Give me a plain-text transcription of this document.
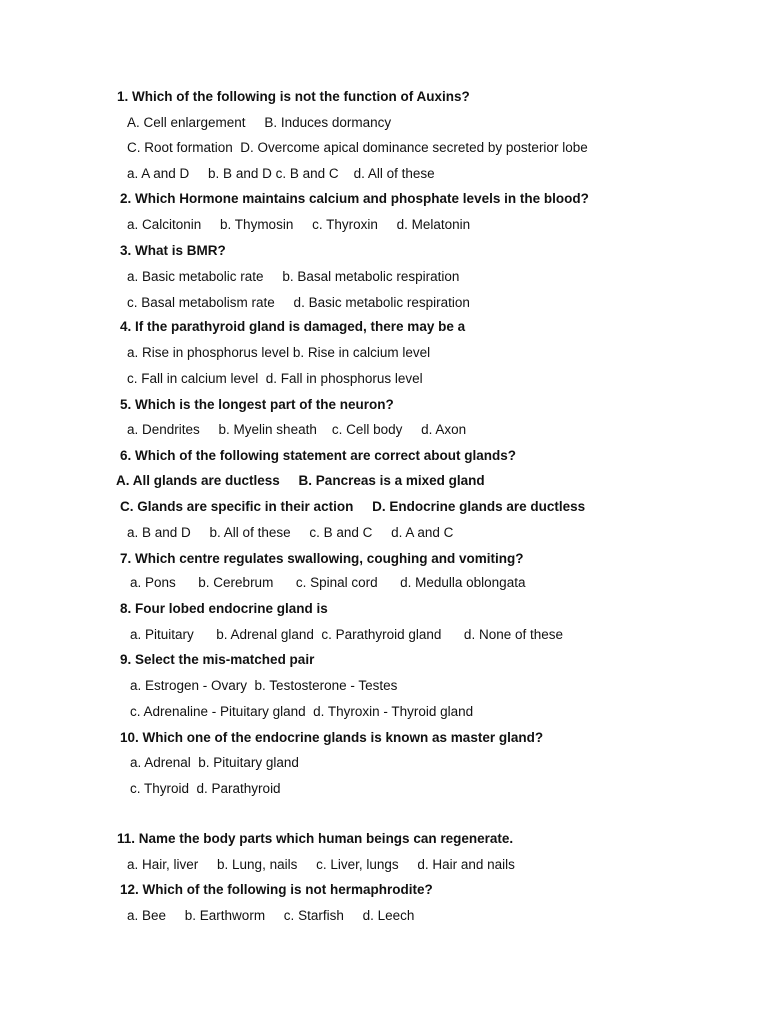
1. Which of the following is not the function of Auxins?
A. Cell enlargement     B. Induces dormancy
C. Root formation  D. Overcome apical dominance secreted by posterior lobe
a. A and D     b. B and D c. B and C    d. All of these
2. Which Hormone maintains calcium and phosphate levels in the blood?
a. Calcitonin     b. Thymosin     c. Thyroxin     d. Melatonin
3. What is BMR?
a. Basic metabolic rate     b. Basal metabolic respiration
c. Basal metabolism rate     d. Basic metabolic respiration
4. If the parathyroid gland is damaged, there may be a
a. Rise in phosphorus level b. Rise in calcium level
c. Fall in calcium level  d. Fall in phosphorus level
5. Which is the longest part of the neuron?
a. Dendrites     b. Myelin sheath    c. Cell body     d. Axon
6. Which of the following statement are correct about glands?
A. All glands are ductless     B. Pancreas is a mixed gland
C. Glands are specific in their action     D. Endocrine glands are ductless
a. B and D     b. All of these     c. B and C     d. A and C
7. Which centre regulates swallowing, coughing and vomiting?
a. Pons      b. Cerebrum      c. Spinal cord      d. Medulla oblongata
8. Four lobed endocrine gland is
a. Pituitary      b. Adrenal gland  c. Parathyroid gland      d. None of these
9. Select the mis-matched pair
a. Estrogen - Ovary  b. Testosterone - Testes
c. Adrenaline - Pituitary gland  d. Thyroxin - Thyroid gland
10. Which one of the endocrine glands is known as master gland?
a. Adrenal  b. Pituitary gland
c. Thyroid  d. Parathyroid
11. Name the body parts which human beings can regenerate.
a. Hair, liver     b. Lung, nails     c. Liver, lungs     d. Hair and nails
12. Which of the following is not hermaphrodite?
a. Bee     b. Earthworm     c. Starfish     d. Leech
